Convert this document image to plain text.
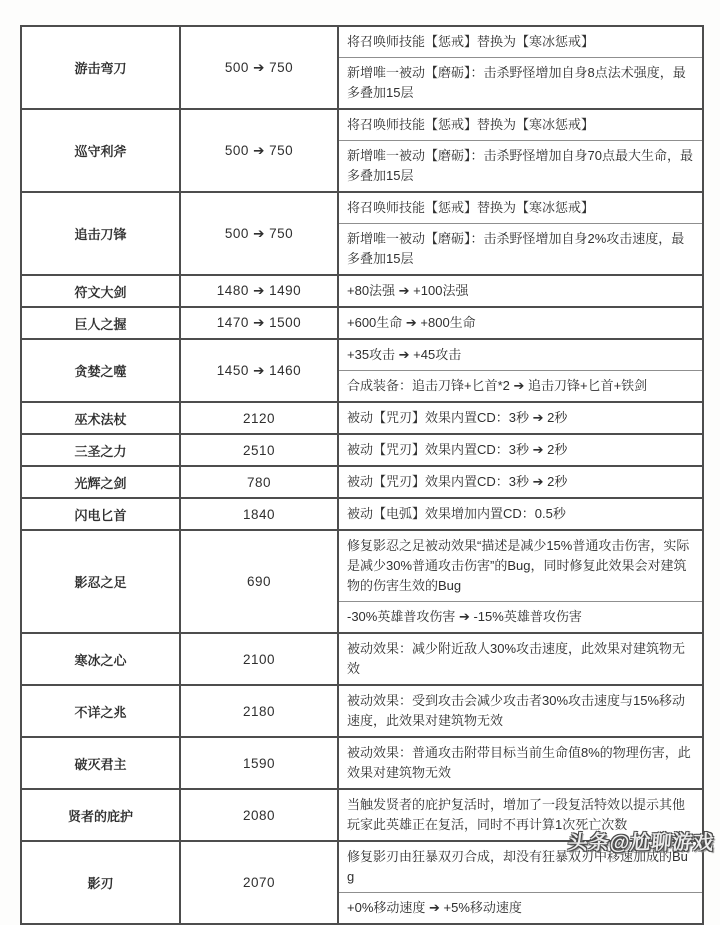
游击弯刀	500 ➔ 750	将召唤师技能【惩戒】替换为【寒冰惩戒】
新增唯一被动【磨砺】：击杀野怪增加自身8点法术强度，最多叠加15层

巡守利斧	500 ➔ 750	将召唤师技能【惩戒】替换为【寒冰惩戒】
新增唯一被动【磨砺】：击杀野怪增加自身70点最大生命，最多叠加15层

追击刀锋	500 ➔ 750	将召唤师技能【惩戒】替换为【寒冰惩戒】
新增唯一被动【磨砺】：击杀野怪增加自身2%攻击速度，最多叠加15层

符文大剑	1480 ➔ 1490	+80法强 ➔ +100法强

巨人之握	1470 ➔ 1500	+600生命 ➔ +800生命

贪婪之噬	1450 ➔ 1460	+35攻击 ➔ +45攻击
合成装备：追击刀锋+匕首*2 ➔ 追击刀锋+匕首+铁剑

巫术法杖	2120	被动【咒刃】效果内置CD：3秒 ➔ 2秒

三圣之力	2510	被动【咒刃】效果内置CD：3秒 ➔ 2秒

光辉之剑	780	被动【咒刃】效果内置CD：3秒 ➔ 2秒

闪电匕首	1840	被动【电弧】效果增加内置CD：0.5秒

影忍之足	690	修复影忍之足被动效果“描述是减少15%普通攻击伤害，实际是减少30%普通攻击伤害”的Bug，同时修复此效果会对建筑物的伤害生效的Bug
-30%英雄普攻伤害 ➔ -15%英雄普攻伤害

寒冰之心	2100	被动效果：减少附近敌人30%攻击速度，此效果对建筑物无效

不详之兆	2180	被动效果：受到攻击会减少攻击者30%攻击速度与15%移动速度，此效果对建筑物无效

破灭君主	1590	被动效果：普通攻击附带目标当前生命值8%的物理伤害，此效果对建筑物无效

贤者的庇护	2080	当触发贤者的庇护复活时，增加了一段复活特效以提示其他玩家此英雄正在复活，同时不再计算1次死亡次数

影刃	2070	修复影刃由狂暴双刃合成，却没有狂暴双刃中移速加成的Bug
+0%移动速度 ➔ +5%移动速度
头条@尬聊游戏
